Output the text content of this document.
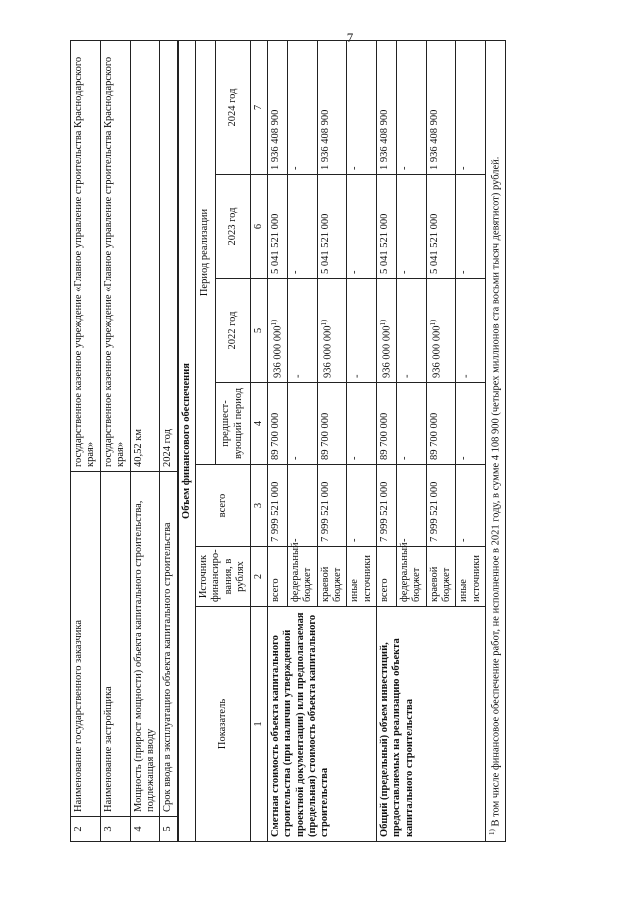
7
2	Наименование государственного заказчика	государственное казенное учреждение «Главное управление строительства Краснодарского края»
3	Наименование застройщика	государственное казенное учреждение «Главное управление строительства Краснодарского края»
4	Мощность (прирост мощности) объекта капитального строительства, подлежащая вводу	40,52 км
5	Срок ввода в эксплуатацию объекта капитального строительства	2024 год Объем финансового обеспечения						
Показатель	Источник финансиро-вания, в рублях	всего	Период реализации			
			предшест-вующий период	2022 год	2023 год	2024 год
1	2	3	4	5	6	7
Сметная стоимость объекта капитального строительства (при наличии утвержденной проектной документации) или предполагаемая (предельная) стоимость объекта капитального строительства	всего	7 999 521 000	89 700 000	936 000 000$^{1)}$	5 041 521 000	1 936 408 900
	федеральный бюджет	-	-	-	-	-
	краевой бюджет	7 999 521 000	89 700 000	936 000 000$^{1)}$	5 041 521 000	1 936 408 900
	иные источники	-	-	-	-	-
Общий (предельный) объем инвестиций, предоставляемых на реализацию объекта капитального строительства	всего	7 999 521 000	89 700 000	936 000 000$^{1)}$	5 041 521 000	1 936 408 900
	федеральный бюджет	-	-	-	-	-
	краевой бюджет	7 999 521 000	89 700 000	936 000 000$^{1)}$	5 041 521 000	1 936 408 900
	иные источники	-	-	-	-	-
$^{1)}$ В том числе финансовое обеспечение работ, не исполненное в 2021 году, в сумме 4 108 900 (четырех миллионов ста восьми тысяч девятисот) рублей.
